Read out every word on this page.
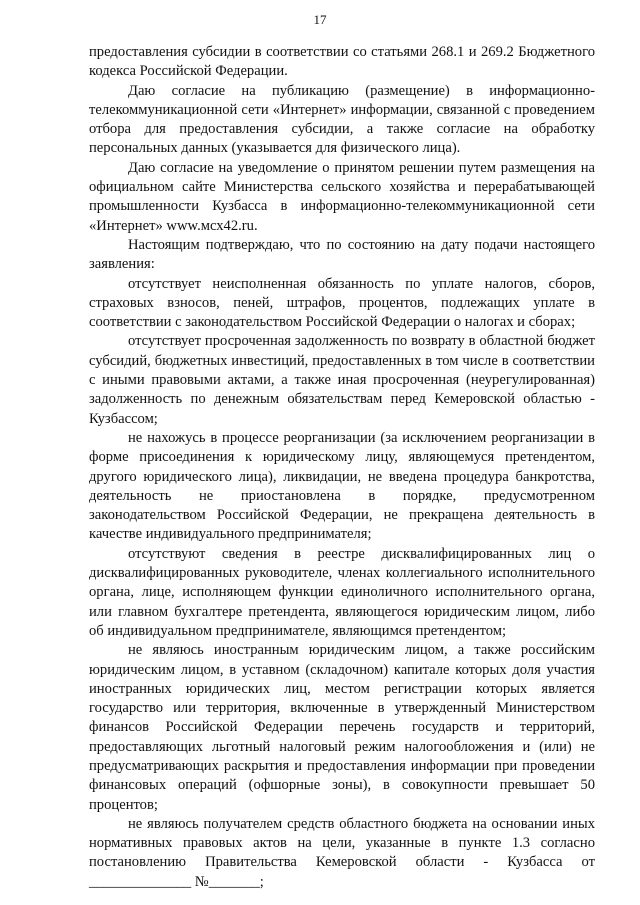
17

предоставления субсидии в соответствии со статьями 268.1 и 269.2 Бюджетного кодекса Российской Федерации.

Даю согласие на публикацию (размещение) в информационно-телекоммуникационной сети «Интернет» информации, связанной с проведением отбора для предоставления субсидии, а также согласие на обработку персональных данных (указывается для физического лица).

Даю согласие на уведомление о принятом решении путем размещения на официальном сайте Министерства сельского хозяйства и перерабатывающей промышленности Кузбасса в информационно-телекоммуникационной сети «Интернет» www.мсх42.ru.

Настоящим подтверждаю, что по состоянию на дату подачи настоящего заявления:

отсутствует неисполненная обязанность по уплате налогов, сборов, страховых взносов, пеней, штрафов, процентов, подлежащих уплате в соответствии с законодательством Российской Федерации о налогах и сборах;

отсутствует просроченная задолженность по возврату в областной бюджет субсидий, бюджетных инвестиций, предоставленных в том числе в соответствии с иными правовыми актами, а также иная просроченная (неурегулированная) задолженность по денежным обязательствам перед Кемеровской областью - Кузбассом;

не нахожусь в процессе реорганизации (за исключением реорганизации в форме присоединения к юридическому лицу, являющемуся претендентом, другого юридического лица), ликвидации, не введена процедура банкротства, деятельность не приостановлена в порядке, предусмотренном законодательством Российской Федерации, не прекращена деятельность в качестве индивидуального предпринимателя;

отсутствуют сведения в реестре дисквалифицированных лиц о дисквалифицированных руководителе, членах коллегиального исполнительного органа, лице, исполняющем функции единоличного исполнительного органа, или главном бухгалтере претендента, являющегося юридическим лицом, либо об индивидуальном предпринимателе, являющимся претендентом;

не являюсь иностранным юридическим лицом, а также российским юридическим лицом, в уставном (складочном) капитале которых доля участия иностранных юридических лиц, местом регистрации которых является государство или территория, включенные в утвержденный Министерством финансов Российской Федерации перечень государств и территорий, предоставляющих льготный налоговый режим налогообложения и (или) не предусматривающих раскрытия и предоставления информации при проведении финансовых операций (офшорные зоны), в совокупности превышает 50 процентов;

не являюсь получателем средств областного бюджета на основании иных нормативных правовых актов на цели, указанные в пункте 1.3 согласно постановлению Правительства Кемеровской области - Кузбасса от ______________ №_______;
